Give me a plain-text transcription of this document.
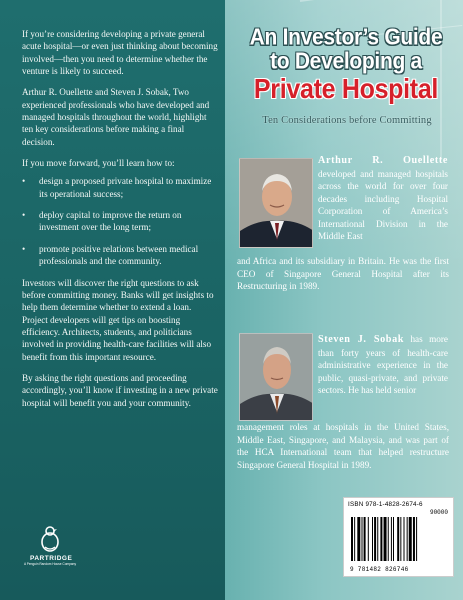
If you’re considering developing a private general acute hospital—or even just thinking about becoming involved—then you need to determine whether the venture is likely to succeed.

Arthur R. Ouellette and Steven J. Sobak, Two experienced professionals who have developed and managed hospitals throughout the world, highlight ten key considerations before making a final decision.

If you move forward, you’ll learn how to:

• design a proposed private hospital to maximize its operational success;
• deploy capital to improve the return on investment over the long term;
• promote positive relations between medical professionals and the community.

Investors will discover the right questions to ask before committing money. Banks will get insights to help them determine whether to extend a loan. Project developers will get tips on boosting efficiency. Architects, students, and politicians involved in providing health-care facilities will also benefit from this important resource.

By asking the right questions and proceeding accordingly, you’ll know if investing in a new private hospital will benefit you and your community.

PARTRIDGE
A Penguin Random House Company
An Investor’s Guide
to Developing a
Private Hospital
Ten Considerations before Committing
Arthur R. Ouellette developed and managed hospitals across the world for over four decades including Hospital Corporation of America’s International Division in the Middle East
and Africa and its subsidiary in Britain. He was the first CEO of Singapore General Hospital after its Restructuring in 1989.
Steven J. Sobak has more than forty years of health-care administrative experience in the public, quasi-private, and private sectors. He has held senior
management roles at hospitals in the United States, Middle East, Singapore, and Malaysia, and was part of the HCA International team that helped restructure Singapore General Hospital in 1989.
ISBN 978-1-4828-2674-6
90000
9 781482 826746
